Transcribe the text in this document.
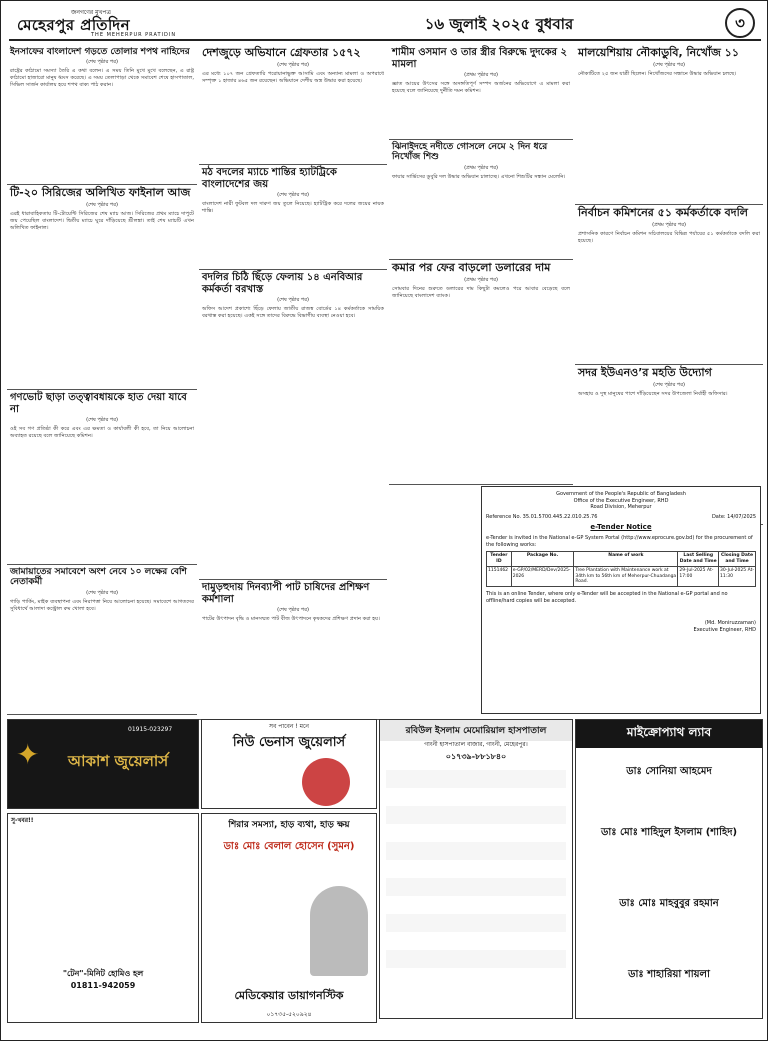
জনগণের মুখপত্র
মেহেরপুর প্রতিদিন
THE MEHERPUR PRATIDIN
১৬ জুলাই ২০২৫ বুধবার	৩
ইনসাফের বাংলাদেশ গড়তে তোলার শপথ নাহিদের
(শেষ পৃষ্ঠার পর)
রাষ্ট্রের কাঠামো সমস্যা তৈরি এ কথা বলেন। এ সময় তিনি মুখে মুখে বলেছেন, এ রাষ্ট্র কাঠামো হাজারো মানুষ ধ্বংস করেছে। এ সময় তেলাপাড়া থেকে সমাবেশ শেষে হাসপাতাল, সিভিল সার্জন কার্যালয় হয়ে শপথ বাক্য পাঠ করান।
টি-২০ সিরিজের অলিখিত ফাইনাল আজ
(শেষ পৃষ্ঠার পর)
এরই ধারাবাহিকতায় টি-টোয়েন্টি সিরিজের শেষ ম্যাচ আজ। সিরিজের প্রথম ম্যাচে দাপুটে জয় পেয়েছিল বাংলাদেশ। দ্বিতীয় ম্যাচে ঘুরে দাঁড়িয়েছে শ্রীলঙ্কা। তাই শেষ ম্যাচটি এখন অলিখিত ফাইনাল।
গণভোট ছাড়া তত্ত্বাবধায়কে হাত দেয়া যাবে না
(শেষ পৃষ্ঠার পর)
ওই সব গণ প্রতিষ্ঠা কী করে এবং এর ক্ষমতা ও কার্যাবলী কী হবে, তা নিয়ে আলোচনা অব্যাহত রয়েছে বলে জানিয়েছে কমিশন।
জামায়াতের সমাবেশে অংশ নেবে ১০ লক্ষের বেশি নেতাকর্মী
(শেষ পৃষ্ঠার পর)
গাড়ি পার্কিং, মাইক ব্যবস্থাপনা এবং নিরাপত্তা নিয়ে আলোচনা হয়েছে। সমাবেশে আগতদের সুবিধার্থে আলাদা কন্ট্রোল রুম খোলা হবে।
দেশজুড়ে অভিযানে গ্রেফতার ১৫৭২
(শেষ পৃষ্ঠার পর)
এর মধ্যে ১০৭ জন গ্রেফতারি পরোয়ানাভুক্ত আসামি এবং অন্যান্য মামলা ও অপরাধে সম্পৃক্ত ১ হাজার ৪৬৫ জন রয়েছেন। অভিযানে দেশীয় অস্ত্র উদ্ধার করা হয়েছে।
মঠ বদলের ম্যাচে শান্তির হ্যাটট্রিকে বাংলাদেশের জয়
(শেষ পৃষ্ঠার পর)
বাংলাদেশ নারী ফুটবল দল দারুণ জয় তুলে নিয়েছে। হ্যাটট্রিক করে দলের জয়ের নায়ক শান্তি।
বদলির চিঠি ছিঁড়ে ফেলায় ১৪ এনবিআর কর্মকর্তা বরখাস্ত
(শেষ পৃষ্ঠার পর)
অফিস আদেশ প্রকাশ্যে ছিঁড়ে ফেলায় জাতীয় রাজস্ব বোর্ডের ১৪ কর্মকর্তাকে সাময়িক বরখাস্ত করা হয়েছে। একই সঙ্গে তাদের বিরুদ্ধে বিভাগীয় ব্যবস্থা নেওয়া হবে।
দামুড়হুদায় দিনব্যাপী পাট চাষিদের প্রশিক্ষণ কর্মশালা
(শেষ পৃষ্ঠার পর)
পাটের উৎপাদন বৃদ্ধি ও মানসম্মত পাট বীজ উৎপাদনে কৃষকদের প্রশিক্ষণ প্রদান করা হয়।
শামীম ওসমান ও তার স্ত্রীর বিরুদ্ধে দুদকের ২ মামলা
(প্রথম পৃষ্ঠার পর)
জ্ঞাত আয়ের উৎসের সঙ্গে অসঙ্গতিপূর্ণ সম্পদ অর্জনের অভিযোগে এ মামলা করা হয়েছে বলে জানিয়েছে দুর্নীতি দমন কমিশন।
ঝিনাইদহে নদীতে গোসলে নেমে ২ দিন ধরে নিখোঁজ শিশু
(প্রথম পৃষ্ঠার পর)
ফায়ার সার্ভিসের ডুবুরি দল উদ্ধার অভিযান চালাচ্ছে। এখনো শিশুটির সন্ধান মেলেনি।
কমার পর ফের বাড়লো ডলারের দাম
(প্রথম পৃষ্ঠার পর)
সোমবার দিনের শুরুতে ডলারের দাম কিছুটা কমলেও পরে আবার বেড়েছে বলে জানিয়েছে বাংলাদেশ ব্যাংক।
মালয়েশিয়ায় নৌকাডুবি, নিখোঁজ ১১
(শেষ পৃষ্ঠার পর)
নৌকাটিতে ২৫ জন যাত্রী ছিলেন। নিখোঁজদের সন্ধানে উদ্ধার অভিযান চলছে।
নির্বাচন কমিশনের ৫১ কর্মকর্তাকে বদলি
(প্রথম পৃষ্ঠার পর)
প্রশাসনিক কারণে নির্বাচন কমিশন সচিবালয়ের বিভিন্ন পর্যায়ের ৫১ কর্মকর্তাকে বদলি করা হয়েছে।
সদর ইউএনও’র মহতি উদ্যোগ
(শেষ পৃষ্ঠার পর)
অসহায় ও দুস্থ মানুষের পাশে দাঁড়িয়েছেন সদর উপজেলা নির্বাহী অফিসার।
Government of the People's Republic of Bangladesh
Office of the Executive Engineer, RHD
Road Division, Meherpur
Reference No. 35.01.5700.445.22.010.25.76	Date: 14/07/2025
e-Tender Notice
e-Tender is invited in the National e-GP System Portal (http://www.eprocure.gov.bd) for the procurement of the following works:
Tender ID	Package No.	Name of work	Last Selling Date and Time	Closing Date and Time
1151462	e-GP/02/MERD/Dev/2025-2026	Tree Plantation with Maintenance work at 34th km to 56th km of Meherpur-Chuadanga Road.	29-Jul-2025 At-17:00	30-Jul-2025 At-11:30
This is an online Tender, where only e-Tender will be accepted in the National e-GP portal and no offline/hard copies will be accepted.
(Md. Moniruzzaman)
Executive Engineer, RHD
✦ আকাশ জুয়েলার্স
01915-023297	সব পাবেন ! মনে
নিউ ভেনাস জুয়েলার্স
রবিউল ইসলাম মেমোরিয়াল হাসপাতাল
গাংনী হাসপাতাল বাজার, গাংনী, মেহেরপুর।
০১৭৩৯-৮৮১৮৪০
মাইক্রোপ্যাথ ল্যাব
ডাঃ সোনিয়া আহমেদ
ডাঃ মোঃ শাহিদুল ইসলাম (শাহিদ)
ডাঃ মোঃ মাহবুবুর রহমান
ডাঃ শাহারিয়া শায়লা
সু-খবর!!
"টেন"-মিনিট হোমিও হল
01811-942059
শিরার সমস্যা, হাড় ব্যথা, হাড় ক্ষয়
ডাঃ মোঃ বেলাল হোসেন (সুমন)
মেডিকেয়ার ডায়াগনস্টিক
০১৭৩৫-৫২০৯২৪
